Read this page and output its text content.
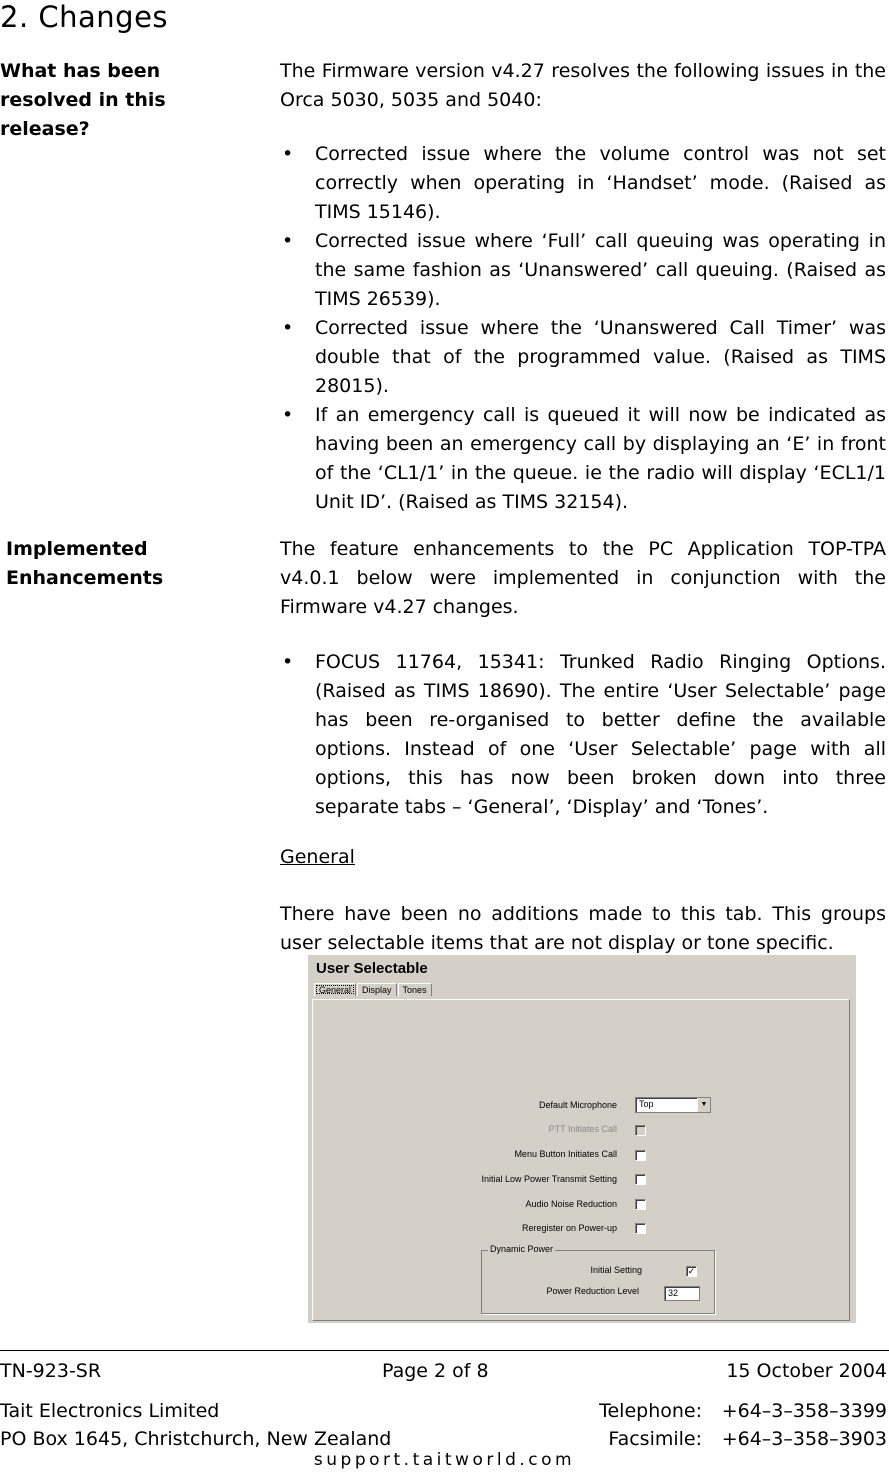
2. Changes
What has been resolved in this release?
The Firmware version v4.27 resolves the following issues in the Orca 5030, 5035 and 5040:
• Corrected issue where the volume control was not set correctly when operating in ‘Handset’ mode. (Raised as TIMS 15146).
• Corrected issue where ‘Full’ call queuing was operating in the same fashion as ‘Unanswered’ call queuing. (Raised as TIMS 26539).
• Corrected issue where the ‘Unanswered Call Timer’ was double that of the programmed value. (Raised as TIMS 28015).
• If an emergency call is queued it will now be indicated as having been an emergency call by displaying an ‘E’ in front of the ‘CL1/1’ in the queue. ie the radio will display ‘ECL1/1 Unit ID’. (Raised as TIMS 32154).
Implemented Enhancements
The feature enhancements to the PC Application TOP-TPA v4.0.1 below were implemented in conjunction with the Firmware v4.27 changes.
• FOCUS 11764, 15341: Trunked Radio Ringing Options. (Raised as TIMS 18690). The entire ‘User Selectable’ page has been re-organised to better define the available options. Instead of one ‘User Selectable’ page with all options, this has now been broken down into three separate tabs – ‘General’, ‘Display’ and ‘Tones’.
General
There have been no additions made to this tab. This groups user selectable items that are not display or tone specific.
User Selectable
General	Display	Tones
Default Microphone Top	▼
PTT Initiates Call
Menu Button Initiates Call
Initial Low Power Transmit Setting
Audio Noise Reduction
Reregister on Power-up
Dynamic Power
Initial Setting	✓
Power Reduction Level	32
TN-923-SR	Page 2 of 8	15 October 2004
Tait Electronics Limited
PO Box 1645, Christchurch, New Zealand
Telephone: +64–3–358–3399
Facsimile: +64–3–358–3903
support.taitworld.com
